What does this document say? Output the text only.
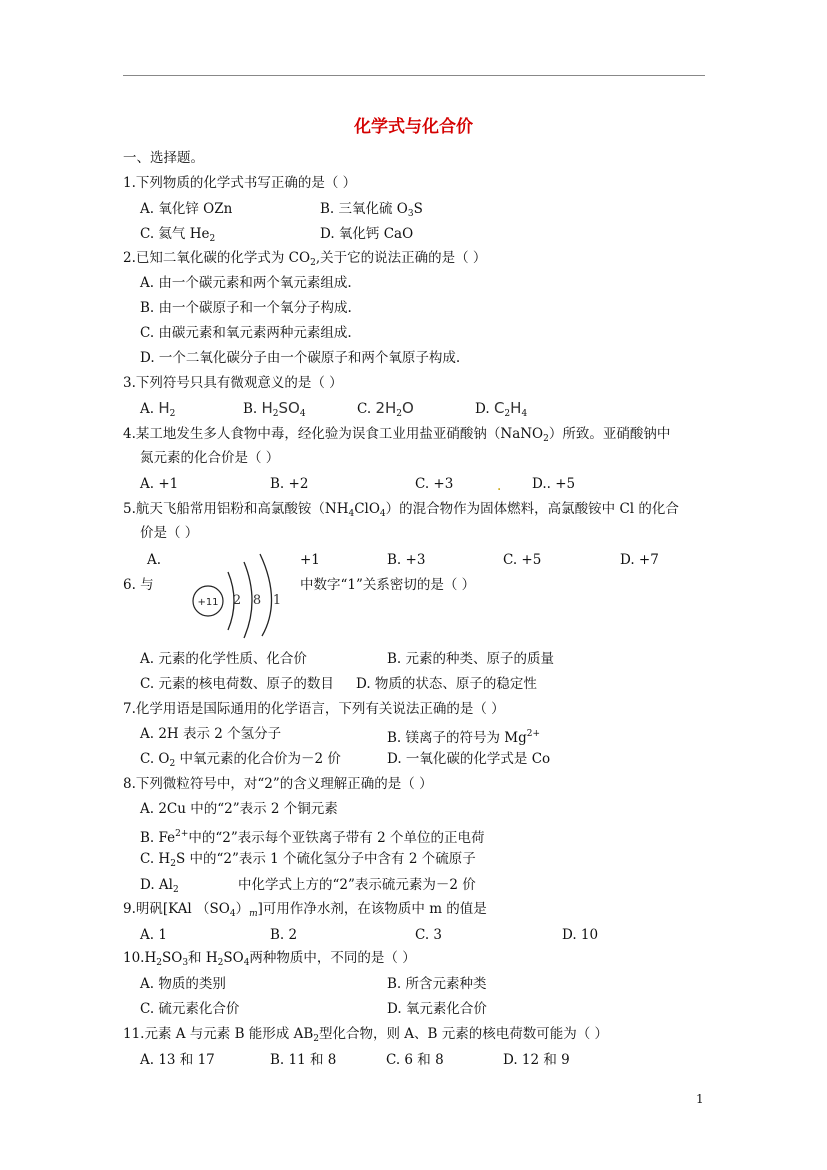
化学式与化合价
一、选择题。
1.下列物质的化学式书写正确的是（ ）
A. 氧化锌 OZn	B. 三氧化硫 $O_3S$
C. 氦气 $He_2$	D. 氧化钙 CaO
2.已知二氧化碳的化学式为 $CO_2$,关于它的说法正确的是（ ）
A. 由一个碳元素和两个氧元素组成.
B. 由一个碳原子和一个氧分子构成.
C. 由碳元素和氧元素两种元素组成.
D. 一个二氧化碳分子由一个碳原子和两个氧原子构成.
3.下列符号只具有微观意义的是（ ）
A. $H_2$	B. $H_2SO_4$	C. $2H_2O$	D. $C_2H_4$
4.某工地发生多人食物中毒，经化验为误食工业用盐亚硝酸钠（NaNO$_2$）所致。亚硝酸钠中
氮元素的化合价是（ ）
A. +1	B. +2	C. +3	. D.. +5
5.航天飞船常用铝粉和高氯酸铵$(NH_4ClO_4)$的混合物作为固体燃料，高氯酸铵中 Cl 的化合
价是（ ）
A.	+1	B. +3	C. +5	D. +7
6. 与	中数字“1”关系密切的是（ ）
+11 2 8 1
A. 元素的化学性质、化合价	B. 元素的种类、原子的质量
C. 元素的核电荷数、原子的数目 D. 物质的状态、原子的稳定性
7.化学用语是国际通用的化学语言，下列有关说法正确的是（ ）
A. 2H 表示 2 个氢分子	B. 镁离子的符号为 $Mg^{2+}$
C. $O_2$ 中氧元素的化合价为－2 价	D. 一氧化碳的化学式是 Co
8.下列微粒符号中，对“2”的含义理解正确的是（ ）
A. 2Cu 中的“2”表示 2 个铜元素
B. $Fe^{2+}$中的“2”表示每个亚铁离子带有 2 个单位的正电荷
C. $H_2S$ 中的“2”表示 1 个硫化氢分子中含有 2 个硫原子
D. $Al_2$	中化学式上方的“2”表示硫元素为－2 价
9.明矾[KAl $(SO_4)_m$]可用作净水剂，在该物质中 m 的值是
A. 1	B. 2	C. 3	D. 10
$10.H_2SO_3$和 $H_2SO_4$两种物质中，不同的是（ ）
A. 物质的类别	B. 所含元素种类
C. 硫元素化合价	D. 氧元素化合价
11.元素 A 与元素 B 能形成 $AB_2$型化合物，则 A、B 元素的核电荷数可能为（ ）
A. 13 和 17	B. 11 和 8	C. 6 和 8	D. 12 和 9
1
